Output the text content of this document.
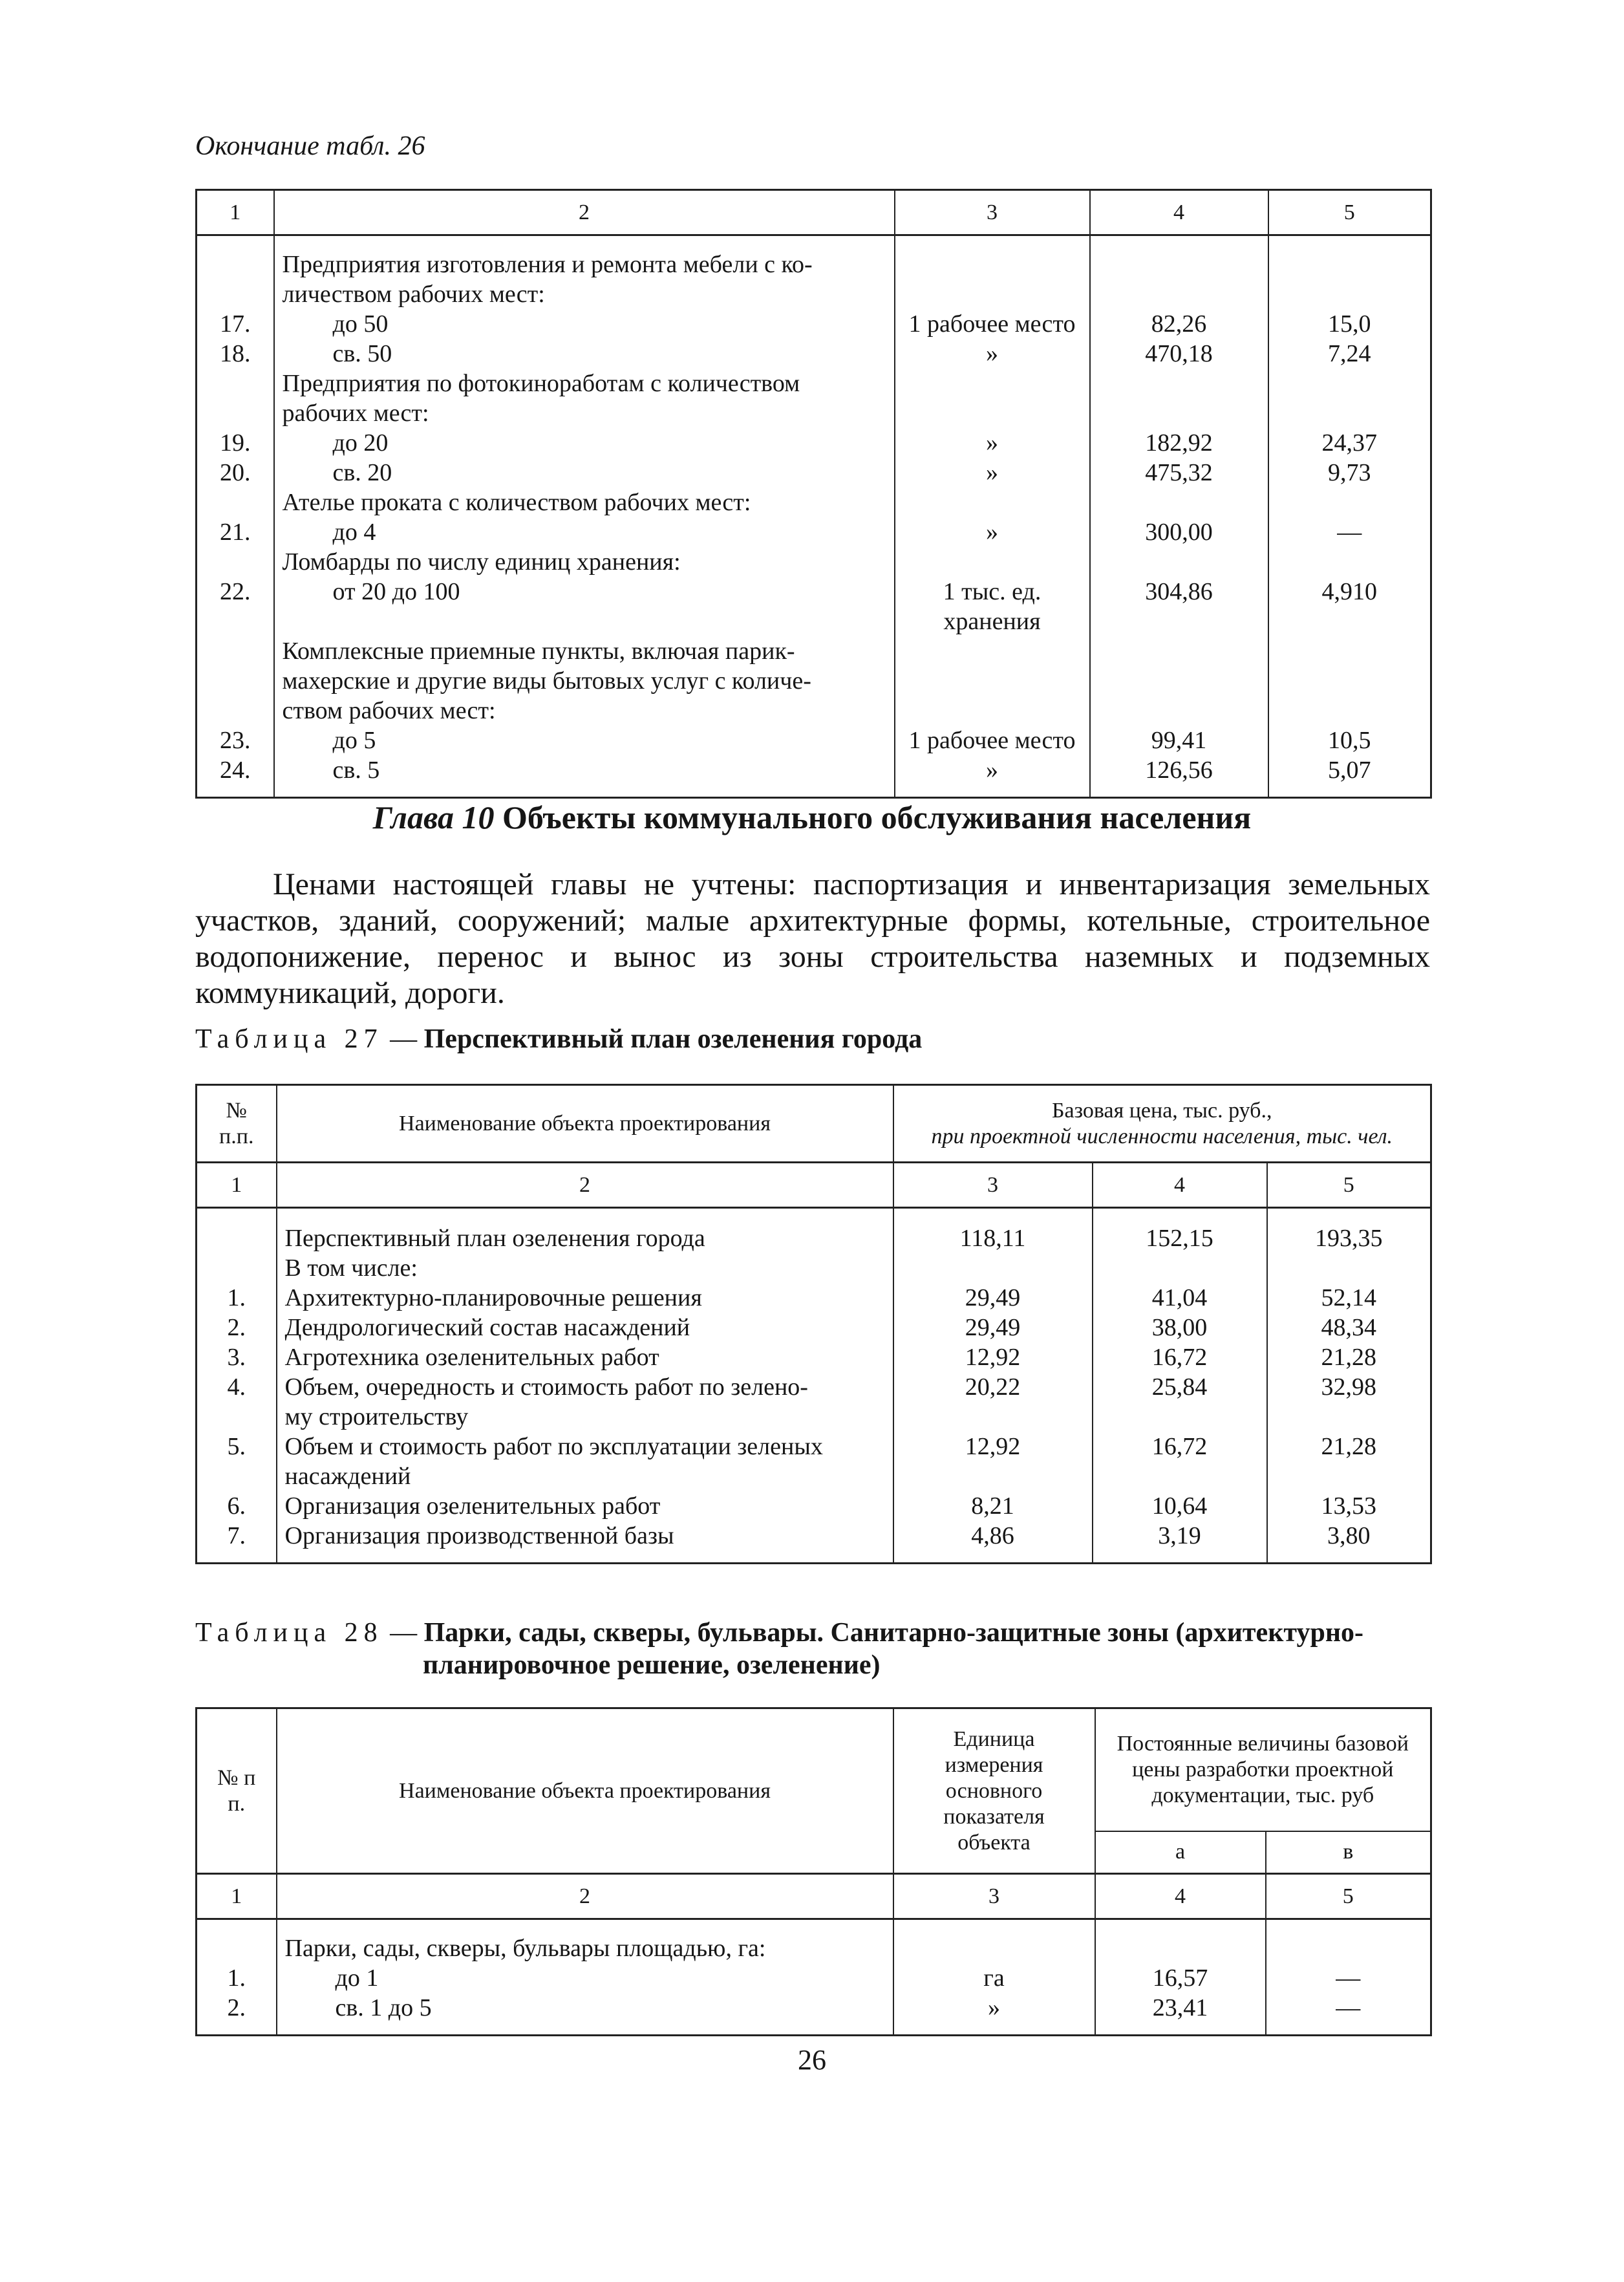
Окончание табл. 26
1	2	3	4	5

	Предприятия изготовления и ремонта мебели с ко-			
	личеством рабочих мест:			
17.	до 50	1 рабочее место	82,26	15,0
18.	св. 50	»	470,18	7,24
	Предприятия по фотокиноработам с количеством			
	рабочих мест:			
19.	до 20	»	182,92	24,37
20.	св. 20	»	475,32	9,73
	Ателье проката с количеством рабочих мест:			
21.	до 4	»	300,00	—
	Ломбарды по числу единиц хранения:			
22.	от 20 до 100	1 тыс. ед.	304,86	4,910
		хранения		
	Комплексные приемные пункты, включая парик-			
	махерские и другие виды бытовых услуг с количе-			
	ством рабочих мест:			
23.	до 5	1 рабочее место	99,41	10,5
24.	св. 5	»	126,56	5,07

Глава 10 Объекты коммунального обслуживания населения
Ценами настоящей главы не учтены: паспортизация и инвентаризация земельных участков, зданий, сооружений; малые архитектурные формы, котельные, строительное водопонижение, перенос и вынос из зоны строительства наземных и подземных коммуникаций, дороги.
Таблица 27 — Перспективный план озеленения города
№ п.п.	Наименование объекта проектирования	Базовая цена, тыс. руб.,
при проектной численности населения, тыс. чел.		

1	2	3	4	5

	Перспективный план озеленения города	118,11	152,15	193,35
	В том числе:			
1.	Архитектурно-планировочные решения	29,49	41,04	52,14
2.	Дендрологический состав насаждений	29,49	38,00	48,34
3.	Агротехника озеленительных работ	12,92	16,72	21,28
4.	Объем, очередность и стоимость работ по зелено-	20,22	25,84	32,98
	му строительству			
5.	Объем и стоимость работ по эксплуатации зеленых	12,92	16,72	21,28
	насаждений			
6.	Организация озеленительных работ	8,21	10,64	13,53
7.	Организация производственной базы	4,86	3,19	3,80

Таблица 28 — Парки, сады, скверы, бульвары. Санитарно-защитные зоны (архитектурно-
планировочное решение, озеленение)
№ п п.	Наименование объекта проектирования	Единица измерения основного показателя объекта	Постоянные величины базовой цены разработки проектной документации, тыс. руб	
			а	в
1	2	3	4	5

	Парки, сады, скверы, бульвары площадью, га:			
1.	до 1	га	16,57	—
2.	св. 1 до 5	»	23,41	—

26
